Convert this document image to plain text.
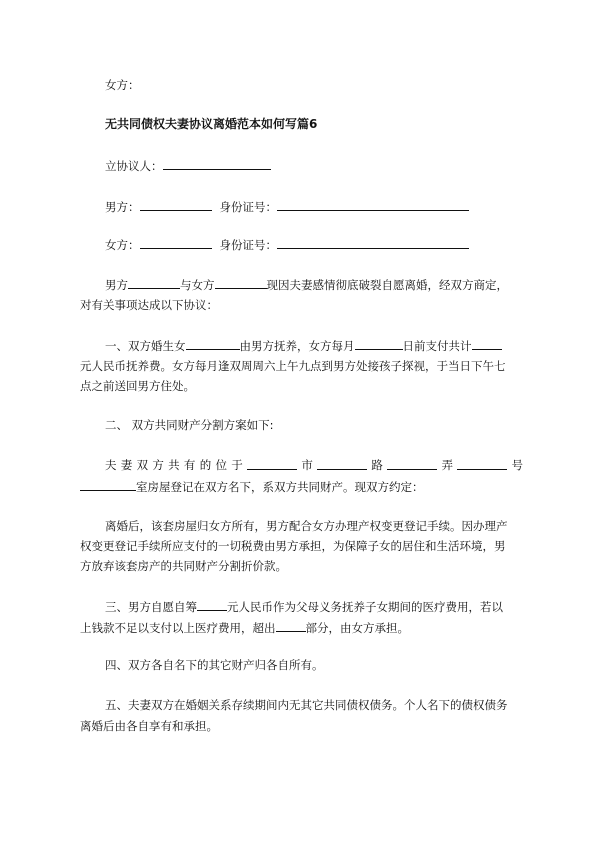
女方：
无共同债权夫妻协议离婚范本如何写篇6
立协议人：
男方：	身份证号：
女方：	身份证号：
男方	与女方	现因夫妻感情彻底破裂自愿离婚，经双方商定，
对有关事项达成以下协议：
一、双方婚生女	由男方抚养，女方每月	日前支付共计
元人民币抚养费。女方每月逢双周周六上午九点到男方处接孩子探视，于当日下午七
点之前送回男方住处。
二、 双方共同财产分割方案如下:
夫 妻 双 方 共 有 的 位 于	市	路	弄	号
室房屋登记在双方名下，系双方共同财产。现双方约定：
离婚后，该套房屋归女方所有，男方配合女方办理产权变更登记手续。因办理产
权变更登记手续所应支付的一切税费由男方承担，为保障子女的居住和生活环境，男
方放弃该套房产的共同财产分割折价款。
三、男方自愿自筹	元人民币作为父母义务抚养子女期间的医疗费用，若以
上钱款不足以支付以上医疗费用，超出	部分，由女方承担。
四、双方各自名下的其它财产归各自所有。
五、夫妻双方在婚姻关系存续期间内无其它共同债权债务。个人名下的债权债务
离婚后由各自享有和承担。
